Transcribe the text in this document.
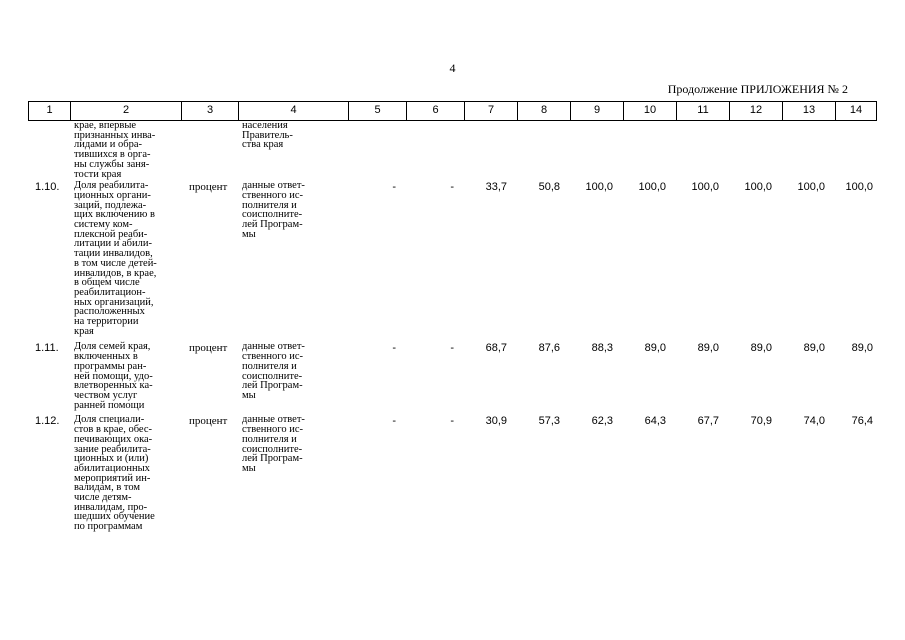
4
Продолжение ПРИЛОЖЕНИЯ № 2
1	2	3	4	5	6	7	8	9	10	11	12	13	14
крае, впервые
признанных инва-
лидами и обра-
тившихся в орга-
ны службы заня-
тости края
населения
Правитель-
ства края
1.10.	Доля реабилита-
ционных органи-
заций, подлежа-
щих включению в
систему ком-
плексной реаби-
литации и абили-
тации инвалидов,
в том числе детей-
инвалидов, в крае,
в общем числе
реабилитацион-
ных организаций,
расположенных
на территории
края
процент	данные ответ-
ственного ис-
полнителя и
соисполните-
лей Програм-
мы
-	-	33,7	50,8	100,0	100,0	100,0	100,0	100,0	100,0
1.11.	Доля семей края,
включенных в
программы ран-
ней помощи, удо-
влетворенных ка-
чеством услуг
ранней помощи
процент	данные ответ-
ственного ис-
полнителя и
соисполните-
лей Програм-
мы
-	-	68,7	87,6	88,3	89,0	89,0	89,0	89,0	89,0
1.12.	Доля специали-
стов в крае, обес-
печивающих ока-
зание реабилита-
ционных и (или)
абилитационных
мероприятий ин-
валидам, в том
числе детям-
инвалидам, про-
шедших обучение
по программам
процент	данные ответ-
ственного ис-
полнителя и
соисполните-
лей Програм-
мы
-	-	30,9	57,3	62,3	64,3	67,7	70,9	74,0	76,4
